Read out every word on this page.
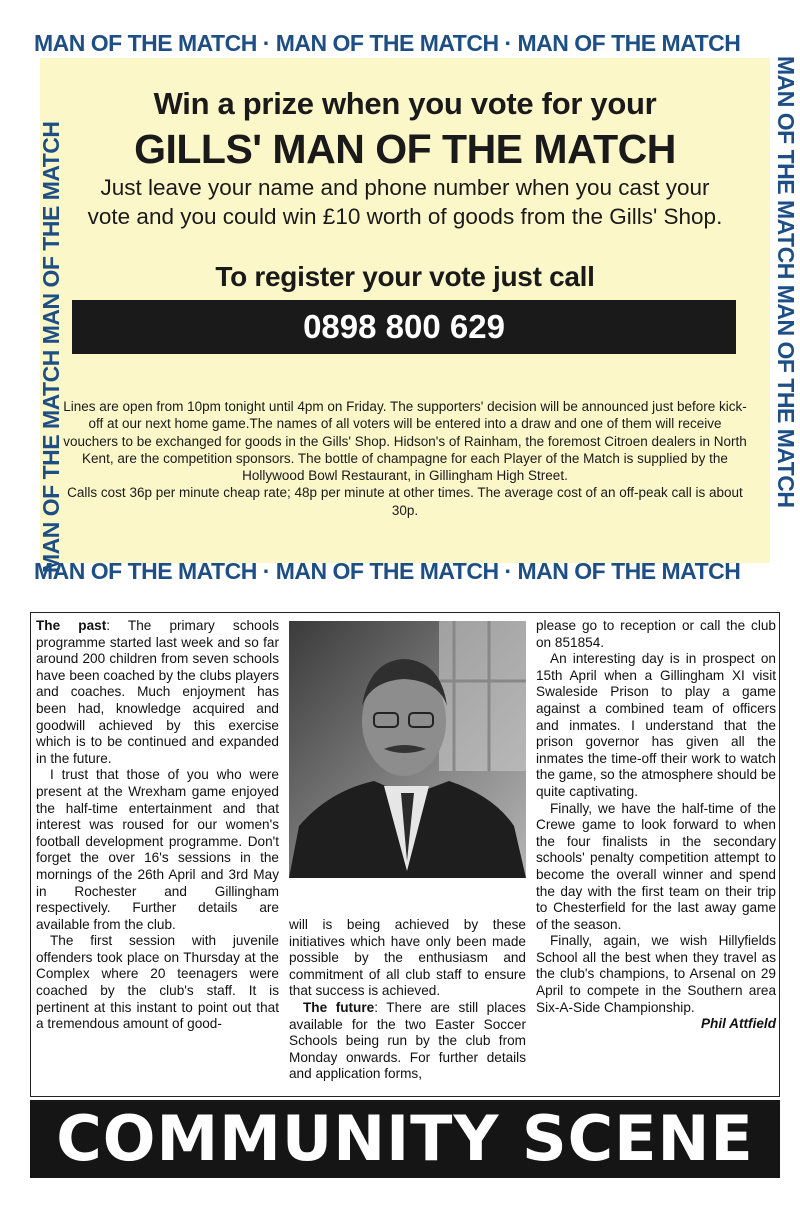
MAN OF THE MATCH · MAN OF THE MATCH · MAN OF THE MATCH
MAN OF THE MATCH · MAN OF THE MATCH · MAN OF THE MATCH
MAN OF THE MATCH MAN OF THE MATCH	MAN OF THE MATCH MAN OF THE MATCH
Win a prize when you vote for your
GILLS' MAN OF THE MATCH
Just leave your name and phone number when you cast your vote and you could win £10 worth of goods from the Gills' Shop.
To register your vote just call
0898 800 629
Lines are open from 10pm tonight until 4pm on Friday. The supporters' decision will be announced just before kick-off at our next home game.The names of all voters will be entered into a draw and one of them will receive vouchers to be exchanged for goods in the Gills' Shop. Hidson's of Rainham, the foremost Citroen dealers in North Kent, are the competition sponsors. The bottle of champagne for each Player of the Match is supplied by the Hollywood Bowl Restaurant, in Gillingham High Street.
Calls cost 36p per minute cheap rate; 48p per minute at other times. The average cost of an off-peak call is about 30p.

The past: The primary schools programme started last week and so far around 200 children from seven schools have been coached by the clubs players and coaches. Much enjoyment has been had, knowledge acquired and goodwill achieved by this exercise which is to be continued and expanded in the future.

I trust that those of you who were present at the Wrexham game enjoyed the half-time entertainment and that interest was roused for our women's football development programme. Don't forget the over 16's sessions in the mornings of the 26th April and 3rd May in Rochester and Gillingham respectively. Further details are available from the club.

The first session with juvenile offenders took place on Thursday at the Complex where 20 teenagers were coached by the club's staff. It is pertinent at this instant to point out that a tremendous amount of good-

will is being achieved by these initiatives which have only been made possible by the enthusiasm and commitment of all club staff to ensure that success is achieved.

The future: There are still places available for the two Easter Soccer Schools being run by the club from Monday onwards. For further details and application forms,

please go to reception or call the club on 851854.

An interesting day is in prospect on 15th April when a Gillingham XI visit Swaleside Prison to play a game against a combined team of officers and inmates. I understand that the prison governor has given all the inmates the time-off their work to watch the game, so the atmosphere should be quite captivating.

Finally, we have the half-time of the Crewe game to look forward to when the four finalists in the secondary schools' penalty competition attempt to become the overall winner and spend the day with the first team on their trip to Chesterfield for the last away game of the season.

Finally, again, we wish Hillyfields School all the best when they travel as the club's champions, to Arsenal on 29 April to compete in the Southern area Six-A-Side Championship.

Phil Attfield

COMMUNITY SCENE
